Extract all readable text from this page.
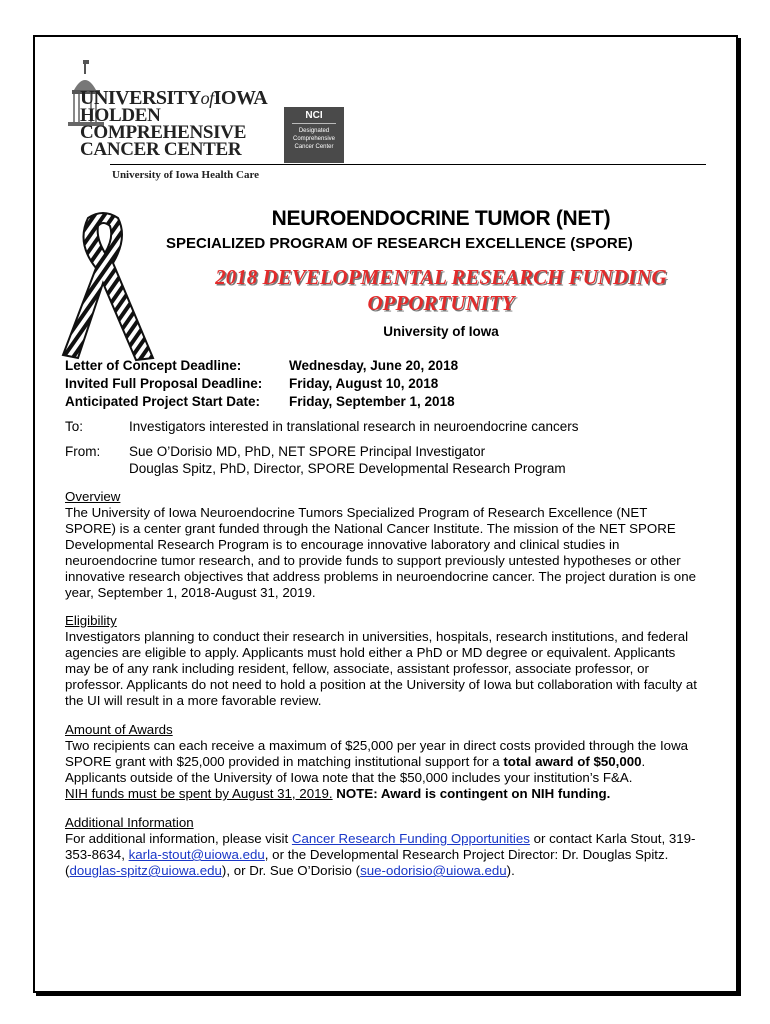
UNIVERSITYofIOWA
HOLDEN
COMPREHENSIVE
CANCER CENTER
NCI
Designated
Comprehensive
Cancer Center
University of Iowa Health Care
NEUROENDOCRINE TUMOR (NET)
SPECIALIZED PROGRAM OF RESEARCH EXCELLENCE (SPORE)
2018 DEVELOPMENTAL RESEARCH FUNDING
OPPORTUNITY
University of Iowa
Letter of Concept Deadline:
Invited Full Proposal Deadline:
Anticipated Project Start Date:
Wednesday, June 20, 2018
Friday, August 10, 2018
Friday, September 1, 2018
To:	Investigators interested in translational research in neuroendocrine cancers
From: Sue O’Dorisio MD, PhD, NET SPORE Principal Investigator
Douglas Spitz, PhD, Director, SPORE Developmental Research Program
Overview
The University of Iowa Neuroendocrine Tumors Specialized Program of Research Excellence (NET
SPORE) is a center grant funded through the National Cancer Institute. The mission of the NET SPORE
Developmental Research Program is to encourage innovative laboratory and clinical studies in
neuroendocrine tumor research, and to provide funds to support previously untested hypotheses or other
innovative research objectives that address problems in neuroendocrine cancer. The project duration is one
year, September 1, 2018-August 31, 2019.
Eligibility
Investigators planning to conduct their research in universities, hospitals, research institutions, and federal
agencies are eligible to apply. Applicants must hold either a PhD or MD degree or equivalent. Applicants
may be of any rank including resident, fellow, associate, assistant professor, associate professor, or
professor. Applicants do not need to hold a position at the University of Iowa but collaboration with faculty at
the UI will result in a more favorable review.
Amount of Awards
Two recipients can each receive a maximum of $25,000 per year in direct costs provided through the Iowa
SPORE grant with $25,000 provided in matching institutional support for a total award of $50,000.
Applicants outside of the University of Iowa note that the $50,000 includes your institution’s F&A.
NIH funds must be spent by August 31, 2019. NOTE: Award is contingent on NIH funding.
Additional Information
For additional information, please visit Cancer Research Funding Opportunities or contact Karla Stout, 319-
353-8634, karla-stout@uiowa.edu, or the Developmental Research Project Director: Dr. Douglas Spitz.
(douglas-spitz@uiowa.edu), or Dr. Sue O’Dorisio (sue-odorisio@uiowa.edu).
